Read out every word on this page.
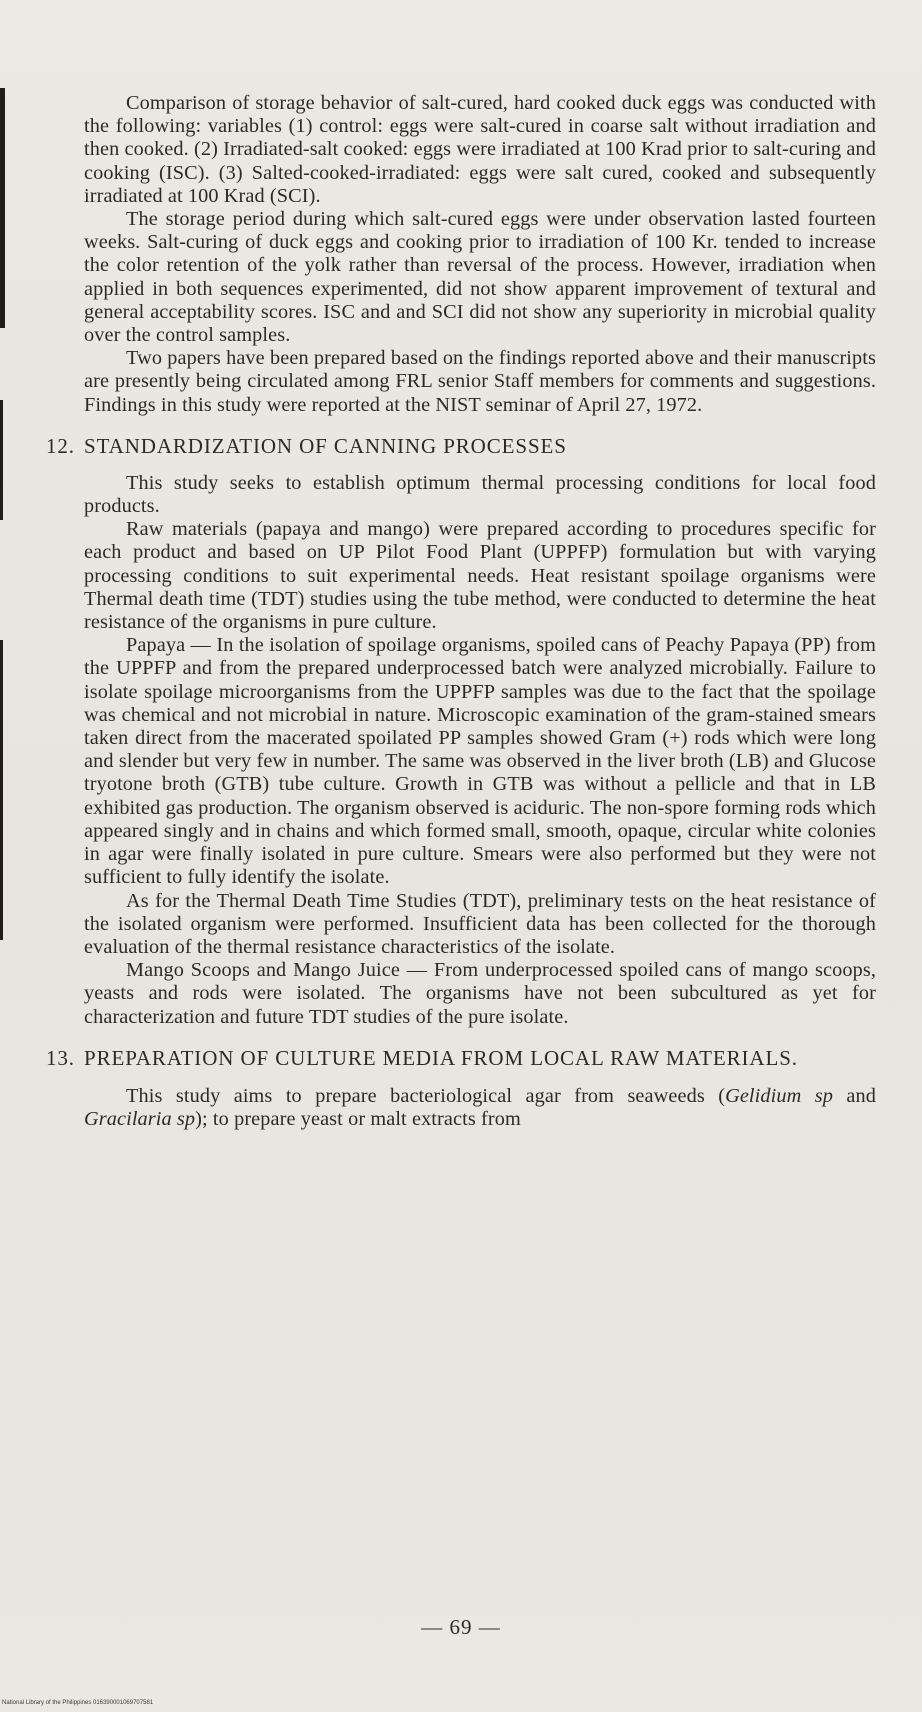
Comparison of storage behavior of salt-cured, hard cooked duck eggs was conducted with the following: variables (1) control: eggs were salt-cured in coarse salt without irradiation and then cooked. (2) Irradiated-salt cooked: eggs were irradiated at 100 Krad prior to salt-curing and cooking (ISC). (3) Salted-cooked-irradiated: eggs were salt cured, cooked and subsequently irradiated at 100 Krad (SCI).

The storage period during which salt-cured eggs were under observation lasted fourteen weeks. Salt-curing of duck eggs and cooking prior to irradiation of 100 Kr. tended to increase the color retention of the yolk rather than reversal of the process. However, irradiation when applied in both sequences experimented, did not show apparent improvement of textural and general acceptability scores. ISC and and SCI did not show any superiority in microbial quality over the control samples.

Two papers have been prepared based on the findings reported above and their manuscripts are presently being circulated among FRL senior Staff members for comments and suggestions. Findings in this study were reported at the NIST seminar of April 27, 1972.

12. STANDARDIZATION OF CANNING PROCESSES

This study seeks to establish optimum thermal processing conditions for local food products.

Raw materials (papaya and mango) were prepared according to procedures specific for each product and based on UP Pilot Food Plant (UPPFP) formulation but with varying processing conditions to suit experimental needs. Heat resistant spoilage organisms were Thermal death time (TDT) studies using the tube method, were conducted to determine the heat resistance of the organisms in pure culture.

Papaya — In the isolation of spoilage organisms, spoiled cans of Peachy Papaya (PP) from the UPPFP and from the prepared underprocessed batch were analyzed microbially. Failure to isolate spoilage microorganisms from the UPPFP samples was due to the fact that the spoilage was chemical and not microbial in nature. Microscopic examination of the gram-stained smears taken direct from the macerated spoilated PP samples showed Gram (+) rods which were long and slender but very few in number. The same was observed in the liver broth (LB) and Glucose tryotone broth (GTB) tube culture. Growth in GTB was without a pellicle and that in LB exhibited gas production. The organism observed is aciduric. The non-spore forming rods which appeared singly and in chains and which formed small, smooth, opaque, circular white colonies in agar were finally isolated in pure culture. Smears were also performed but they were not sufficient to fully identify the isolate.

As for the Thermal Death Time Studies (TDT), preliminary tests on the heat resistance of the isolated organism were performed. Insufficient data has been collected for the thorough evaluation of the thermal resistance characteristics of the isolate.

Mango Scoops and Mango Juice — From underprocessed spoiled cans of mango scoops, yeasts and rods were isolated. The organisms have not been subcultured as yet for characterization and future TDT studies of the pure isolate.

13. PREPARATION OF CULTURE MEDIA FROM LOCAL RAW MATERIALS.

This study aims to prepare bacteriological agar from seaweeds (Gelidium sp and Gracilaria sp); to prepare yeast or malt extracts from

— 69 —
National Library of the Philippines 016390001069707581
